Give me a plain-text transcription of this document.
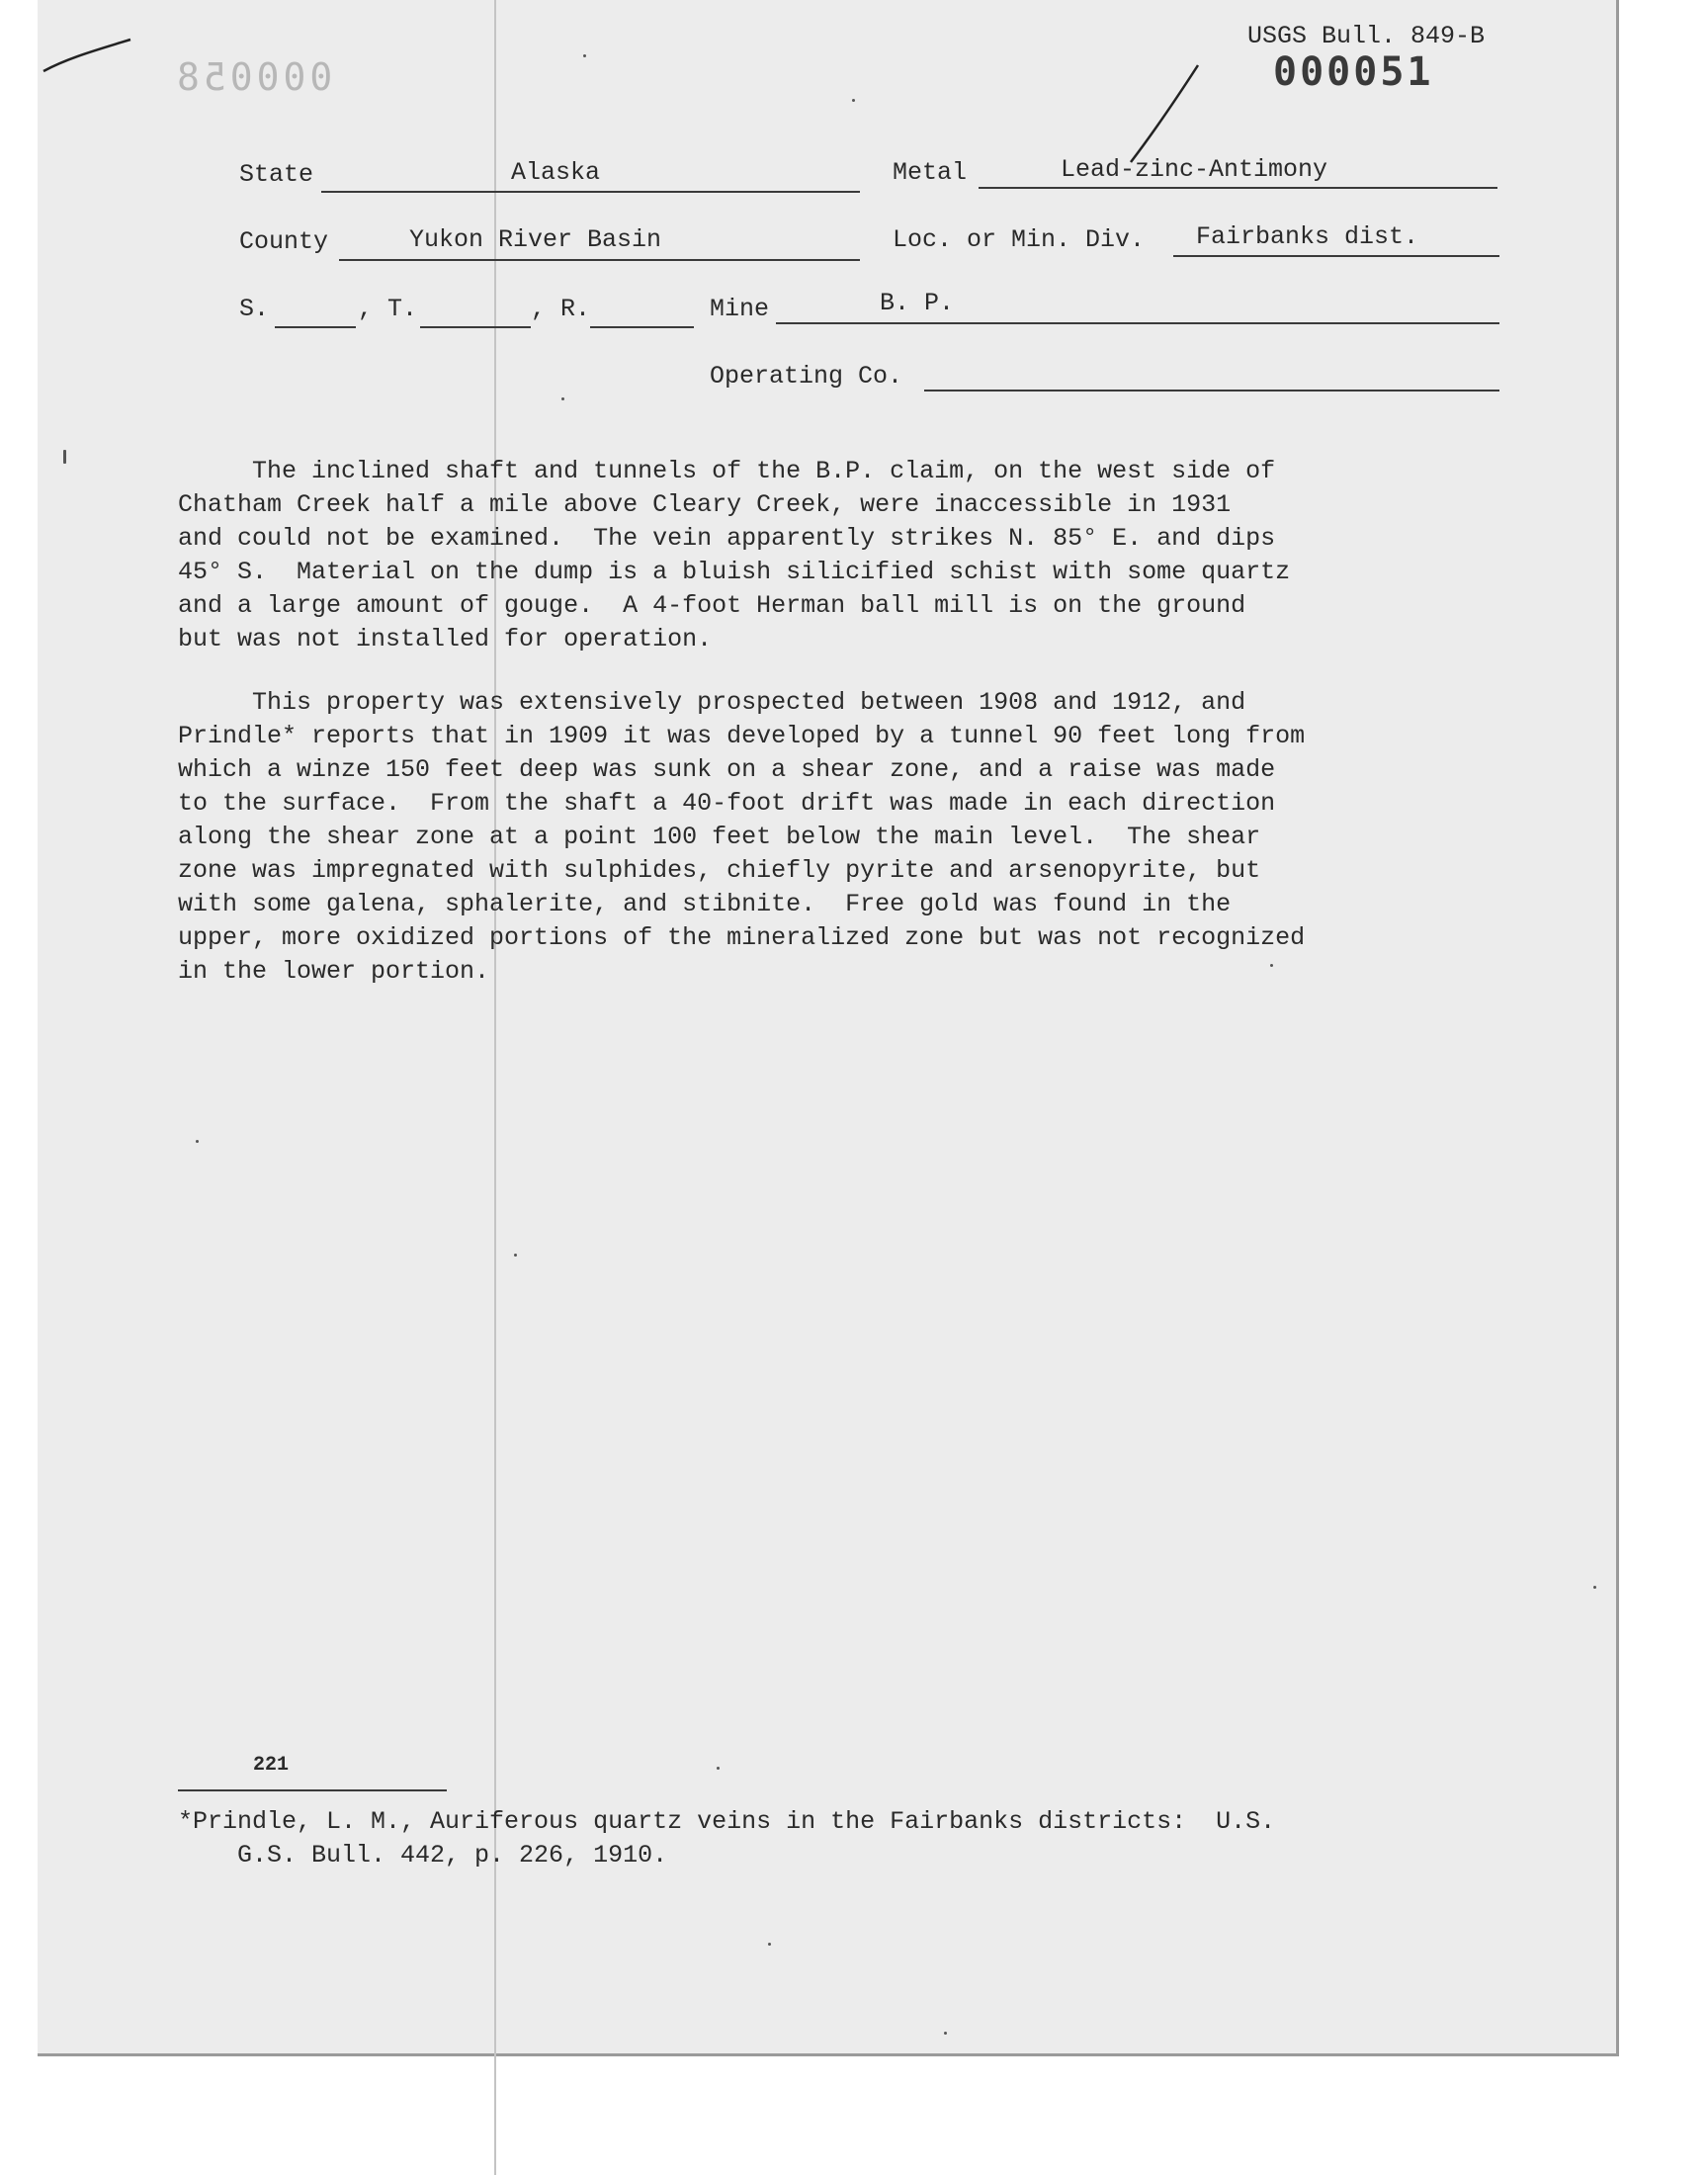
000058
USGS Bull. 849-B
000051
State	Alaska	Metal	Lead-zinc-Antimony
County	Yukon River Basin	Loc. or Min. Div. Fairbanks dist.
S.	, T.	, R.	Mine	B. P.
Operating Co.
The inclined shaft and tunnels of the B.P. claim, on the west side of
Chatham Creek half a mile above Cleary Creek, were inaccessible in 1931
and could not be examined.  The vein apparently strikes N. 85° E. and dips
45° S.  Material on the dump is a bluish silicified schist with some quartz
and a large amount of gouge.  A 4-foot Herman ball mill is on the ground
but was not installed for operation.
This property was extensively prospected between 1908 and 1912, and
Prindle* reports that in 1909 it was developed by a tunnel 90 feet long from
which a winze 150 feet deep was sunk on a shear zone, and a raise was made
to the surface.  From the shaft a 40-foot drift was made in each direction
along the shear zone at a point 100 feet below the main level.  The shear
zone was impregnated with sulphides, chiefly pyrite and arsenopyrite, but
with some galena, sphalerite, and stibnite.  Free gold was found in the
upper, more oxidized portions of the mineralized zone but was not recognized
in the lower portion.
221
*Prindle, L. M., Auriferous quartz veins in the Fairbanks districts:  U.S.
G.S. Bull. 442, p. 226, 1910.
